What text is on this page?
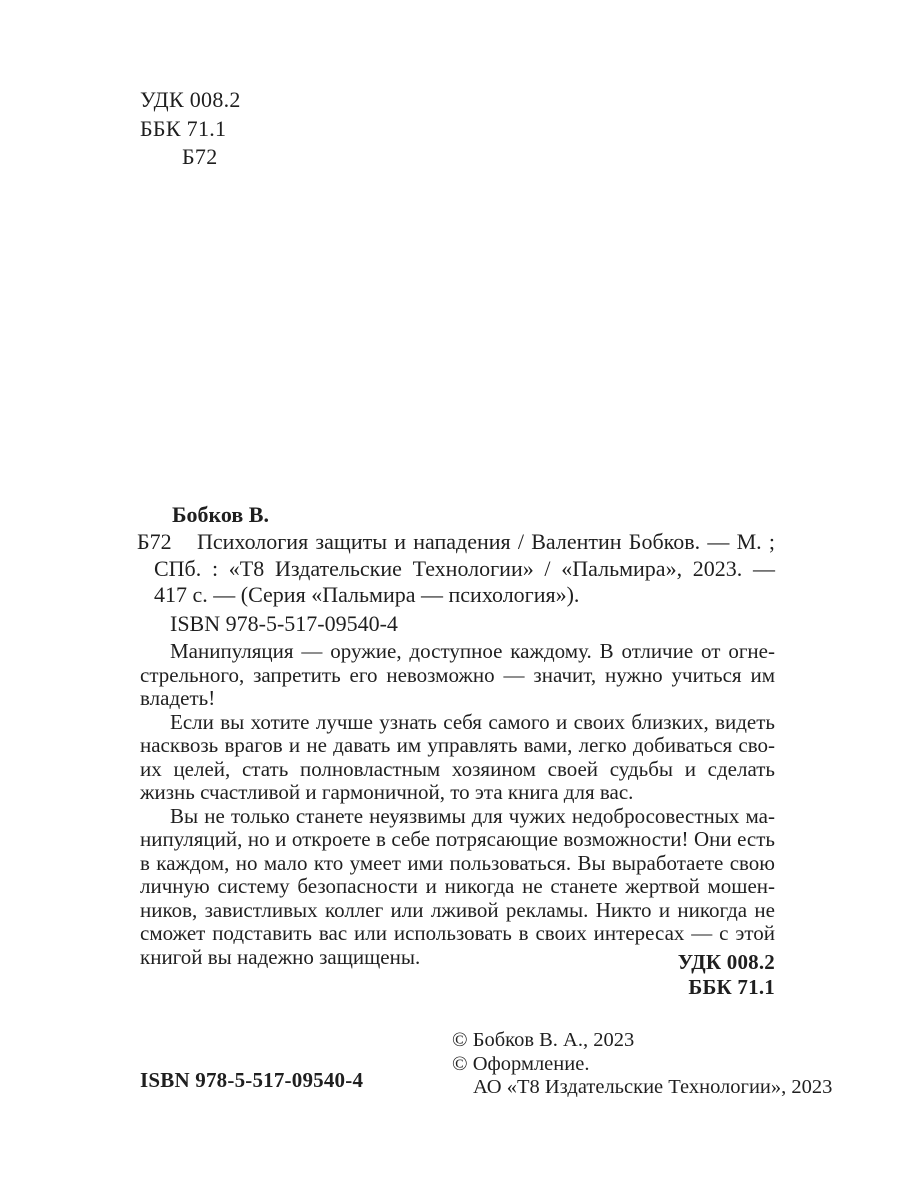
УДК 008.2
ББК 71.1
Б72
Бобков В.
Б72	Психология защиты и нападения / Валентин Бобков. — М. ;
СПб. : «Т8 Издательские Технологии» / «Пальмира», 2023. —
417 с. — (Серия «Пальмира — психология»).
ISBN 978-5-517-09540-4
Манипуляция — оружие, доступное каждому. В отличие от огне-
стрельного, запретить его невозможно — значит, нужно учиться им
владеть!
Если вы хотите лучше узнать себя самого и своих близких, видеть
насквозь врагов и не давать им управлять вами, легко добиваться сво-
их целей, стать полновластным хозяином своей судьбы и сделать
жизнь счастливой и гармоничной, то эта книга для вас.
Вы не только станете неуязвимы для чужих недобросовестных ма-
нипуляций, но и откроете в себе потрясающие возможности! Они есть
в каждом, но мало кто умеет ими пользоваться. Вы выработаете свою
личную систему безопасности и никогда не станете жертвой мошен-
ников, завистливых коллег или лживой рекламы. Никто и никогда не
сможет подставить вас или использовать в своих интересах — с этой
книгой вы надежно защищены.	УДК 008.2
ББК 71.1
© Бобков В. А., 2023
© Оформление.
АО «Т8 Издательские Технологии», 2023
ISBN 978-5-517-09540-4
